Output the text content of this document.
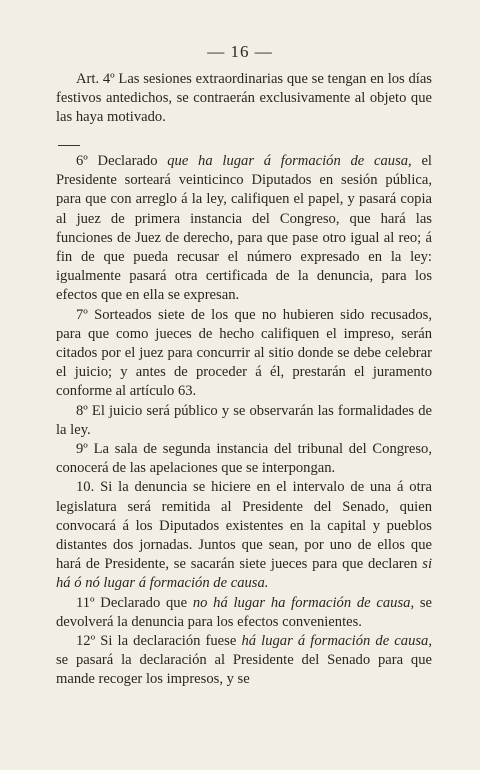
— 16 —

Art. 4º Las sesiones extraordinarias que se tengan en los días festivos antedichos, se contraerán exclusivamente al objeto que las haya motivado.

6º Declarado que ha lugar á formación de causa, el Presidente sorteará veinticinco Diputados en sesión pública, para que con arreglo á la ley, califiquen el papel, y pasará copia al juez de primera instancia del Congreso, que hará las funciones de Juez de derecho, para que pase otro igual al reo; á fin de que pueda recusar el número expresado en la ley: igualmente pasará otra certificada de la denuncia, para los efectos que en ella se expresan.

7º Sorteados siete de los que no hubieren sido recusados, para que como jueces de hecho califiquen el impreso, serán citados por el juez para concurrir al sitio donde se debe celebrar el juicio; y antes de proceder á él, prestarán el juramento conforme al artículo 63.

8º El juicio será público y se observarán las formalidades de la ley.

9º La sala de segunda instancia del tribunal del Congreso, conocerá de las apelaciones que se interpongan.

10. Si la denuncia se hiciere en el intervalo de una á otra legislatura será remitida al Presidente del Senado, quien convocará á los Diputados existentes en la capital y pueblos distantes dos jornadas. Juntos que sean, por uno de ellos que hará de Presidente, se sacarán siete jueces para que declaren si há ó nó lugar á formación de causa.

11º Declarado que no há lugar ha formación de causa, se devolverá la denuncia para los efectos convenientes.

12º Si la declaración fuese há lugar á formación de causa, se pasará la declaración al Presidente del Senado para que mande recoger los impresos, y se
